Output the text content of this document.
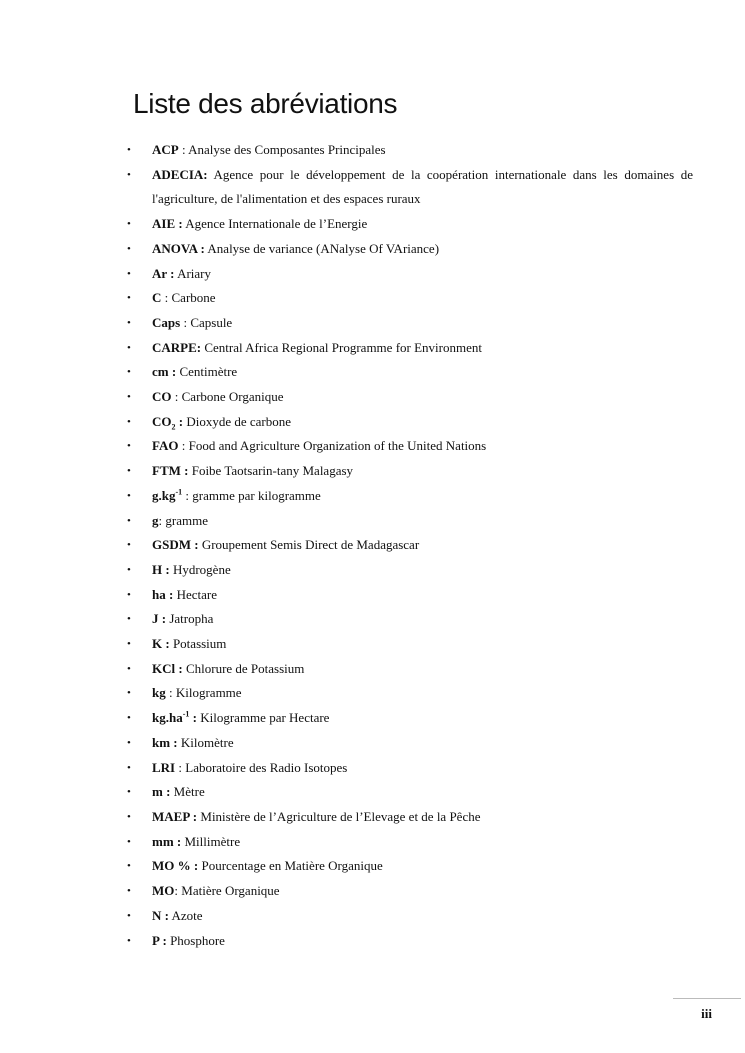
Liste des abréviations
• ACP : Analyse des Composantes Principales
• ADECIA: Agence pour le développement de la coopération internationale dans les domaines de l'agriculture, de l'alimentation et des espaces ruraux
• AIE : Agence Internationale de l’Energie
• ANOVA : Analyse de variance (ANalyse Of VAriance)
• Ar : Ariary
• C : Carbone
• Caps : Capsule
• CARPE: Central Africa Regional Programme for Environment
• cm : Centimètre
• CO : Carbone Organique
• $CO_2$ : Dioxyde de carbone
• FAO : Food and Agriculture Organization of the United Nations
• FTM : Foibe Taotsarin-tany Malagasy
• $g.kg^{-1}$ : gramme par kilogramme
• g: gramme
• GSDM : Groupement Semis Direct de Madagascar
• H : Hydrogène
• ha : Hectare
• J : Jatropha
• K : Potassium
• KCl : Chlorure de Potassium
• kg : Kilogramme
• $kg.ha^{-1}$ : Kilogramme par Hectare
• km : Kilomètre
• LRI : Laboratoire des Radio Isotopes
• m : Mètre
• MAEP : Ministère de l’Agriculture de l’Elevage et de la Pêche
• mm : Millimètre
• MO % : Pourcentage en Matière Organique
• MO: Matière Organique
• N : Azote
• P : Phosphore
iii
